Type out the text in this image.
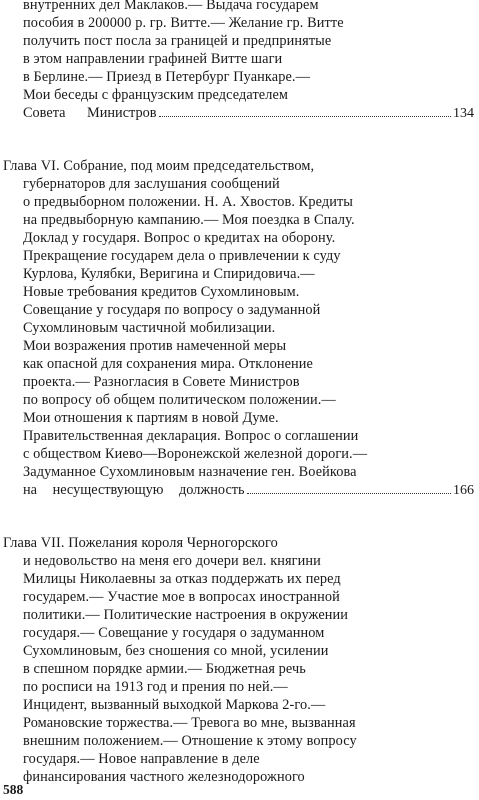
внутренних дел Маклаков.— Выдача государем
пособия в 200000 р. гр. Витте.— Желание гр. Витте
получить пост посла за границей и предпринятые
в этом направлении графиней Витте шаги
в Берлине.— Приезд в Петербург Пуанкаре.—
Мои беседы с французским председателем
Совета Министров	134
Глава VI. Собрание, под моим председательством,
губернаторов для заслушания сообщений
о предвыборном положении. Н. А. Хвостов. Кредиты
на предвыборную кампанию.— Моя поездка в Спалу.
Доклад у государя. Вопрос о кредитах на оборону.
Прекращение государем дела о привлечении к суду
Курлова, Кулябки, Веригина и Спиридовича.—
Новые требования кредитов Сухомлиновым.
Совещание у государя по вопросу о задуманной
Сухомлиновым частичной мобилизации.
Мои возражения против намеченной меры
как опасной для сохранения мира. Отклонение
проекта.— Разногласия в Совете Министров
по вопросу об общем политическом положении.—
Мои отношения к партиям в новой Думе.
Правительственная декларация. Вопрос о соглашении
с обществом Киево—Воронежской железной дороги.—
Задуманное Сухомлиновым назначение ген. Воейкова
на несуществующую должность	166
Глава VII. Пожелания короля Черногорского
и недовольство на меня его дочери вел. княгини
Милицы Николаевны за отказ поддержать их перед
государем.— Участие мое в вопросах иностранной
политики.— Политические настроения в окружении
государя.— Совещание у государя о задуманном
Сухомлиновым, без сношения со мной, усилении
в спешном порядке армии.— Бюджетная речь
по росписи на 1913 год и прения по ней.—
Инцидент, вызванный выходкой Маркова 2-го.—
Романовские торжества.— Тревога во мне, вызванная
внешним положением.— Отношение к этому вопросу
государя.— Новое направление в деле
финансирования частного железнодорожного
588
